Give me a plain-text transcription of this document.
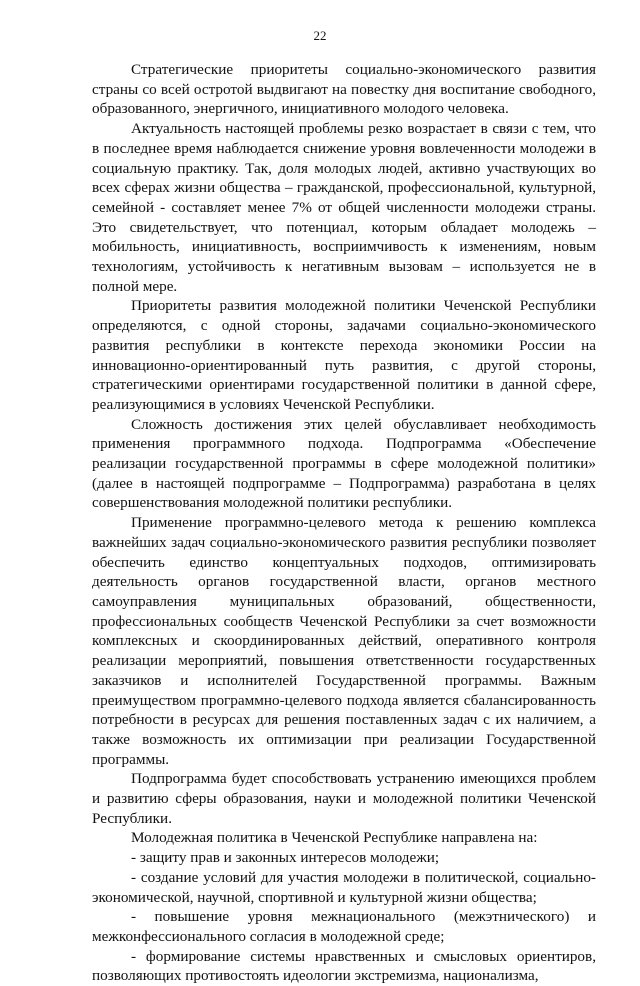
22

Стратегические приоритеты социально-экономического развития страны со всей остротой выдвигают на повестку дня воспитание свободного, образованного, энергичного, инициативного молодого человека.

Актуальность настоящей проблемы резко возрастает в связи с тем, что в последнее время наблюдается снижение уровня вовлеченности молодежи в социальную практику. Так, доля молодых людей, активно участвующих во всех сферах жизни общества – гражданской, профессиональной, культурной, семейной - составляет менее 7% от общей численности молодежи страны. Это свидетельствует, что потенциал, которым обладает молодежь – мобильность, инициативность, восприимчивость к изменениям, новым технологиям, устойчивость к негативным вызовам – используется не в полной мере.

Приоритеты развития молодежной политики Чеченской Республики определяются, с одной стороны, задачами социально-экономического развития республики в контексте перехода экономики России на инновационно-ориентированный путь развития, с другой стороны, стратегическими ориентирами государственной политики в данной сфере, реализующимися в условиях Чеченской Республики.

Сложность достижения этих целей обуславливает необходимость применения программного подхода. Подпрограмма «Обеспечение реализации государственной программы в сфере молодежной политики» (далее в настоящей подпрограмме – Подпрограмма) разработана в целях совершенствования молодежной политики республики.

Применение программно-целевого метода к решению комплекса важнейших задач социально-экономического развития республики позволяет обеспечить единство концептуальных подходов, оптимизировать деятельность органов государственной власти, органов местного самоуправления муниципальных образований, общественности, профессиональных сообществ Чеченской Республики за счет возможности комплексных и скоординированных действий, оперативного контроля реализации мероприятий, повышения ответственности государственных заказчиков и исполнителей Государственной программы. Важным преимуществом программно-целевого подхода является сбалансированность потребности в ресурсах для решения поставленных задач с их наличием, а также возможность их оптимизации при реализации Государственной программы.

Подпрограмма будет способствовать устранению имеющихся проблем и развитию сферы образования, науки и молодежной политики Чеченской Республики.

Молодежная политика в Чеченской Республике направлена на:

- защиту прав и законных интересов молодежи;

- создание условий для участия молодежи в политической, социально-экономической, научной, спортивной и культурной жизни общества;

- повышение уровня межнационального (межэтнического) и межконфессионального согласия в молодежной среде;

- формирование системы нравственных и смысловых ориентиров, позволяющих противостоять идеологии экстремизма, национализма,
